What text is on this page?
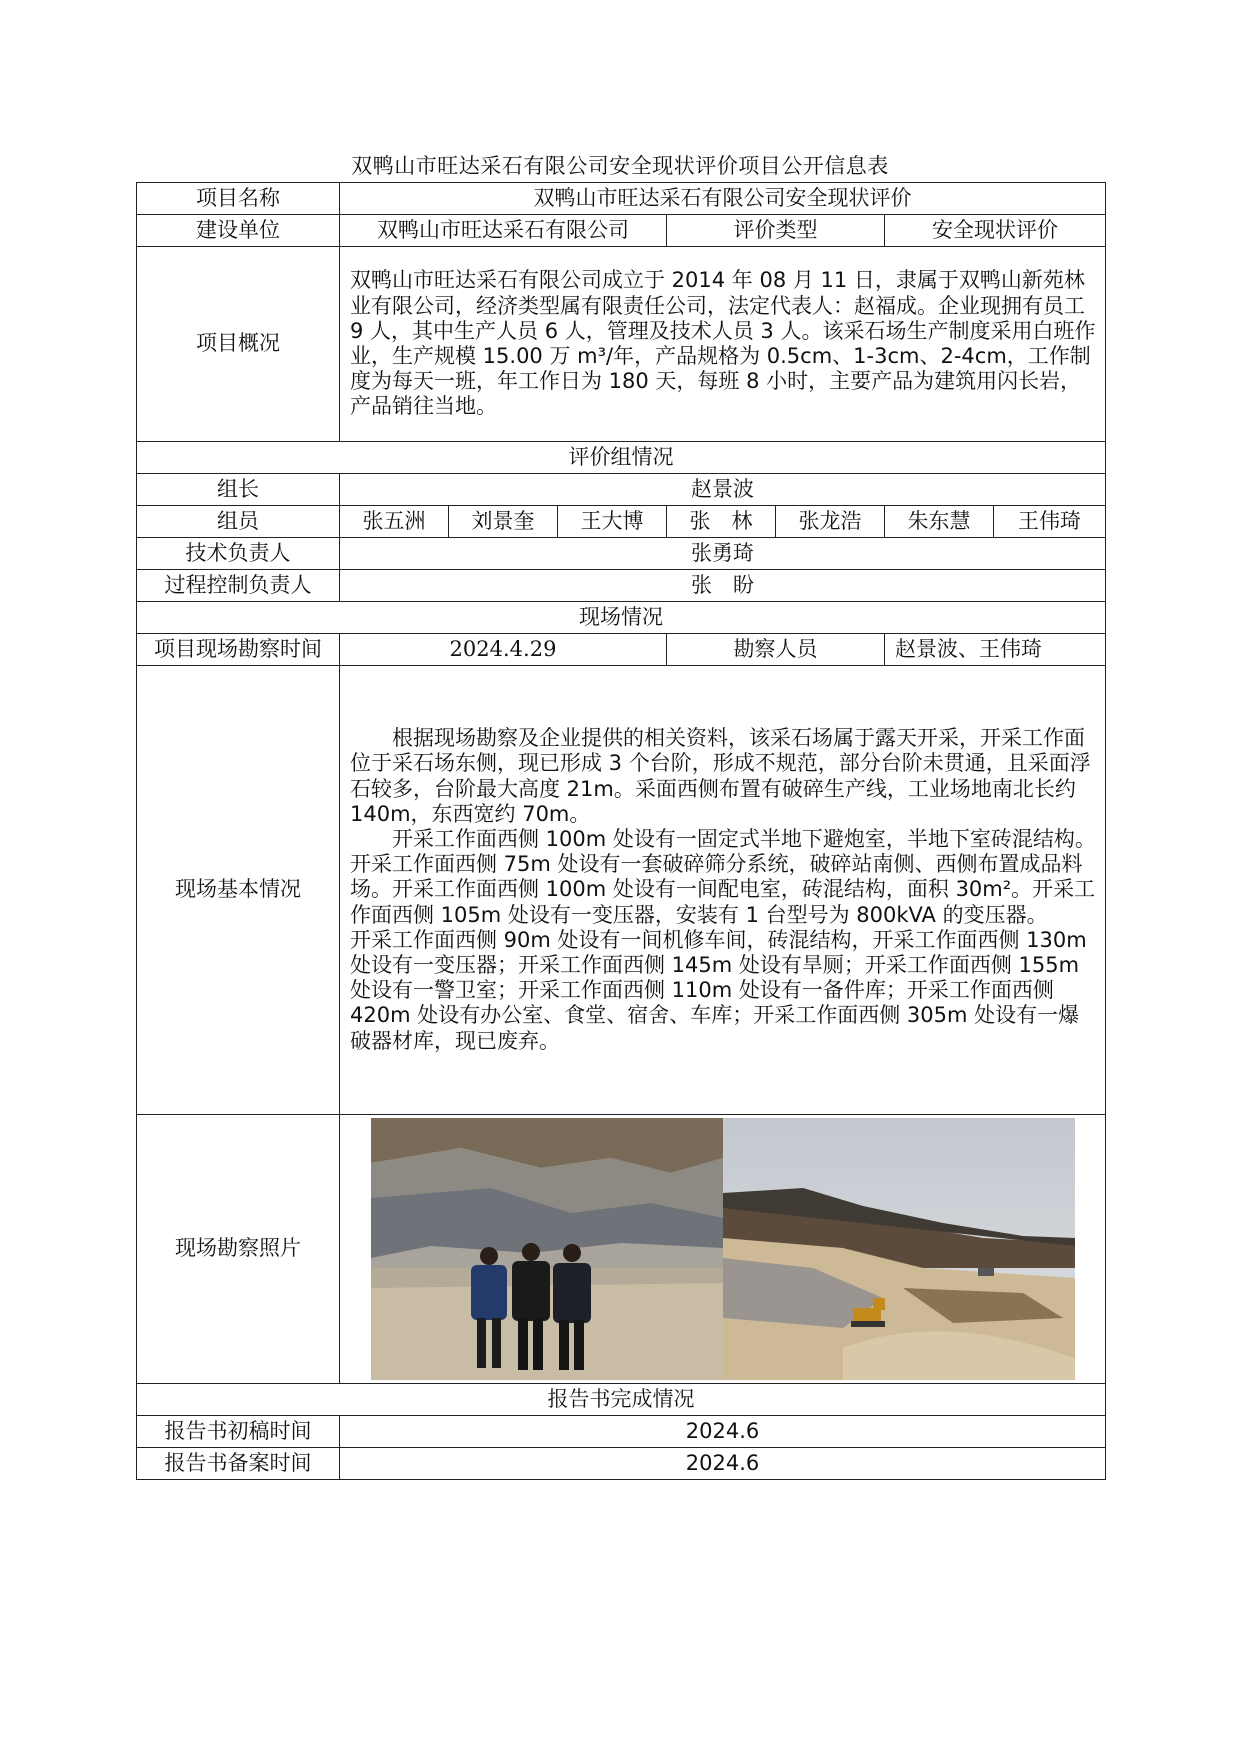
双鸭山市旺达采石有限公司安全现状评价项目公开信息表
项目名称	双鸭山市旺达采石有限公司安全现状评价						
建设单位	双鸭山市旺达采石有限公司			评价类型		安全现状评价	
项目概况	双鸭山市旺达采石有限公司成立于 2014 年 08 月 11 日，隶属于双鸭山新苑林业有限公司，经济类型属有限责任公司，法定代表人：赵福成。企业现拥有员工 9 人，其中生产人员 6 人，管理及技术人员 3 人。该采石场生产制度采用白班作业，生产规模 15.00 万 m³/年，产品规格为 0.5cm、1-3cm、2-4cm，工作制度为每天一班，年工作日为 180 天，每班 8 小时，主要产品为建筑用闪长岩，产品销往当地。						

评价组情况							
组长	赵景波						
组员	张五洲	刘景奎	王大博	张　林	张龙浩	朱东慧	王伟琦
技术负责人	张勇琦						
过程控制负责人	张　盼						
现场情况							
项目现场勘察时间	2024.4.29			勘察人员		赵景波、王伟琦	
现场基本情况	根据现场勘察及企业提供的相关资料，该采石场属于露天开采，开采工作面位于采石场东侧，现已形成 3 个台阶，形成不规范，部分台阶未贯通，且采面浮石较多，台阶最大高度 21m。采面西侧布置有破碎生产线，工业场地南北长约 140m，东西宽约 70m。

开采工作面西侧 100m 处设有一固定式半地下避炮室，半地下室砖混结构。开采工作面西侧 75m 处设有一套破碎筛分系统，破碎站南侧、西侧布置成品料场。开采工作面西侧 100m 处设有一间配电室，砖混结构，面积 30m²。开采工作面西侧 105m 处设有一变压器，安装有 1 台型号为 800kVA 的变压器。

开采工作面西侧 90m 处设有一间机修车间，砖混结构，开采工作面西侧 130m 处设有一变压器；开采工作面西侧 145m 处设有旱厕；开采工作面西侧 155m 处设有一警卫室；开采工作面西侧 110m 处设有一备件库；开采工作面西侧 420m 处设有办公室、食堂、宿舍、车库；开采工作面西侧 305m 处设有一爆破器材库，现已废弃。						

现场勘察照片	

报告书完成情况							
报告书初稿时间	2024.6						
报告书备案时间	2024.6						
